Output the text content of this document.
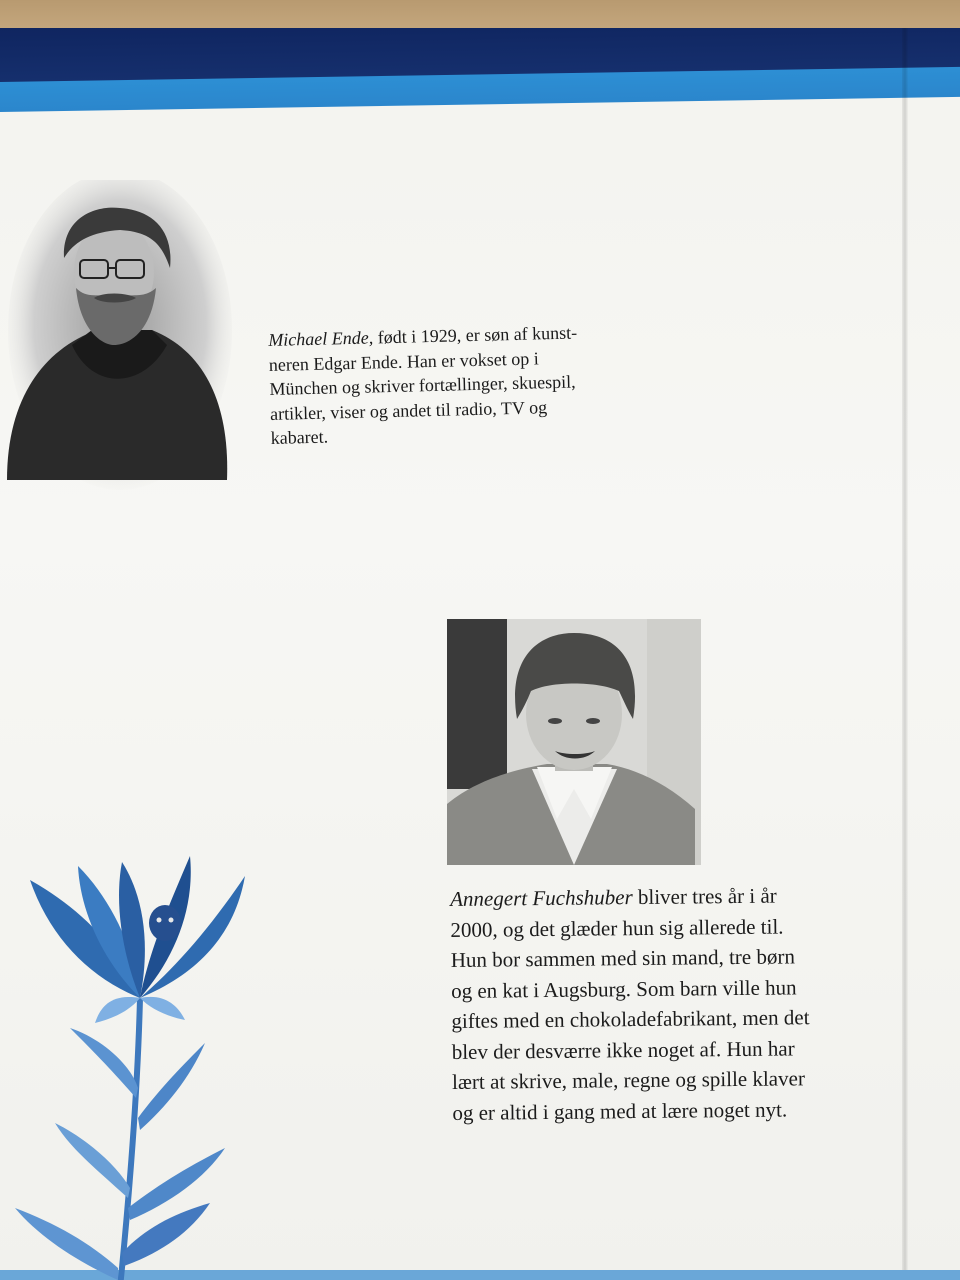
Michael Ende, født i 1929, er søn af kunst-
neren Edgar Ende. Han er vokset op i
München og skriver fortællinger, skuespil,
artikler, viser og andet til radio, TV og
kabaret.

Annegert Fuchshuber bliver tres år i år
2000, og det glæder hun sig allerede til.
Hun bor sammen med sin mand, tre børn
og en kat i Augsburg. Som barn ville hun
giftes med en chokoladefabrikant, men det
blev der desværre ikke noget af. Hun har
lært at skrive, male, regne og spille klaver
og er altid i gang med at lære noget nyt.
